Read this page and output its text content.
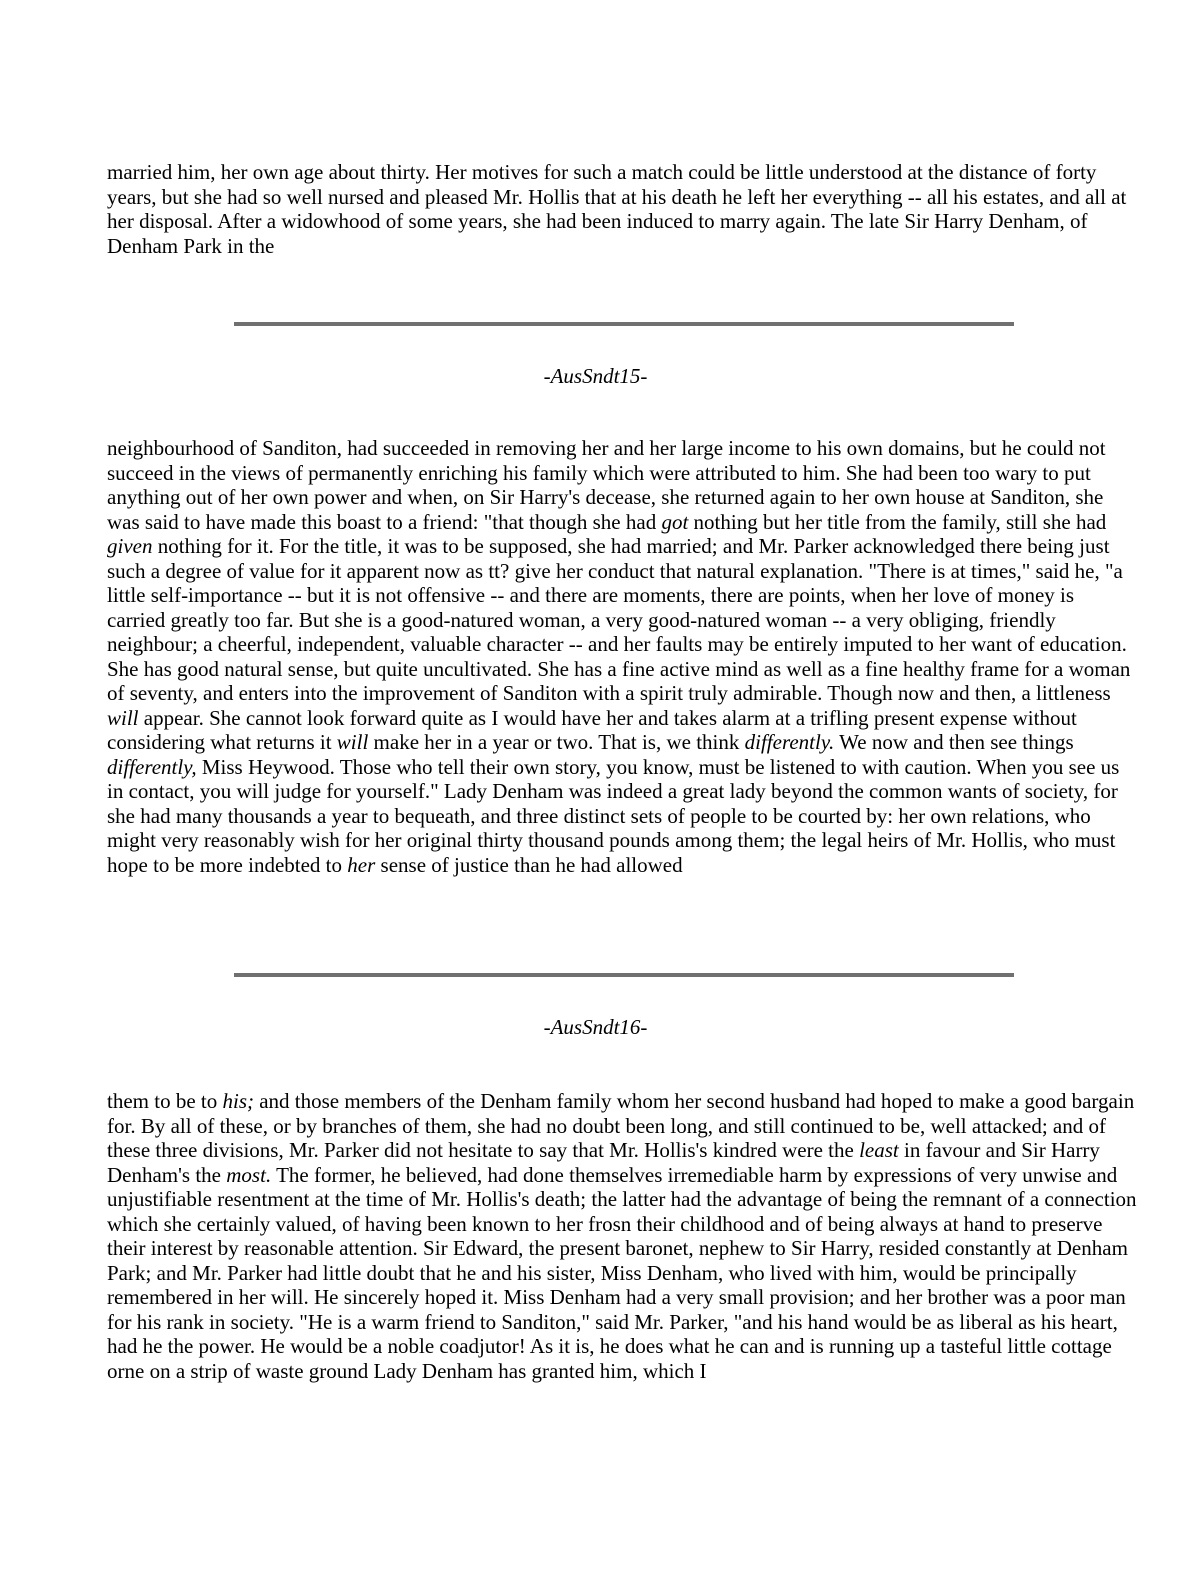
married him, her own age about thirty. Her motives for such a match could be little understood at the distance of forty years, but she had so well nursed and pleased Mr. Hollis that at his death he left her everything -- all his estates, and all at her disposal. After a widowhood of some years, she had been induced to marry again. The late Sir Harry Denham, of Denham Park in the

-AusSndt15-

neighbourhood of Sanditon, had succeeded in removing her and her large income to his own domains, but he could not succeed in the views of permanently enriching his family which were attributed to him. She had been too wary to put anything out of her own power and when, on Sir Harry's decease, she returned again to her own house at Sanditon, she was said to have made this boast to a friend: "that though she had got nothing but her title from the family, still she had given nothing for it. For the title, it was to be supposed, she had married; and Mr. Parker acknowledged there being just such a degree of value for it apparent now as tt? give her conduct that natural explanation. "There is at times," said he, "a little self-importance -- but it is not offensive -- and there are moments, there are points, when her love of money is carried greatly too far. But she is a good-natured woman, a very good-natured woman -- a very obliging, friendly neighbour; a cheerful, independent, valuable character -- and her faults may be entirely imputed to her want of education. She has good natural sense, but quite uncultivated. She has a fine active mind as well as a fine healthy frame for a woman of seventy, and enters into the improvement of Sanditon with a spirit truly admirable. Though now and then, a littleness will appear. She cannot look forward quite as I would have her and takes alarm at a trifling present expense without considering what returns it will make her in a year or two. That is, we think differently. We now and then see things differently, Miss Heywood. Those who tell their own story, you know, must be listened to with caution. When you see us in contact, you will judge for yourself." Lady Denham was indeed a great lady beyond the common wants of society, for she had many thousands a year to bequeath, and three distinct sets of people to be courted by: her own relations, who might very reasonably wish for her original thirty thousand pounds among them; the legal heirs of Mr. Hollis, who must hope to be more indebted to her sense of justice than he had allowed

-AusSndt16-

them to be to his; and those members of the Denham family whom her second husband had hoped to make a good bargain for. By all of these, or by branches of them, she had no doubt been long, and still continued to be, well attacked; and of these three divisions, Mr. Parker did not hesitate to say that Mr. Hollis's kindred were the least in favour and Sir Harry Denham's the most. The former, he believed, had done themselves irremediable harm by expressions of very unwise and unjustifiable resentment at the time of Mr. Hollis's death; the latter had the advantage of being the remnant of a connection which she certainly valued, of having been known to her frosn their childhood and of being always at hand to preserve their interest by reasonable attention. Sir Edward, the present baronet, nephew to Sir Harry, resided constantly at Denham Park; and Mr. Parker had little doubt that he and his sister, Miss Denham, who lived with him, would be principally remembered in her will. He sincerely hoped it. Miss Denham had a very small provision; and her brother was a poor man for his rank in society. "He is a warm friend to Sanditon," said Mr. Parker, "and his hand would be as liberal as his heart, had he the power. He would be a noble coadjutor! As it is, he does what he can and is running up a tasteful little cottage orne on a strip of waste ground Lady Denham has granted him, which I
